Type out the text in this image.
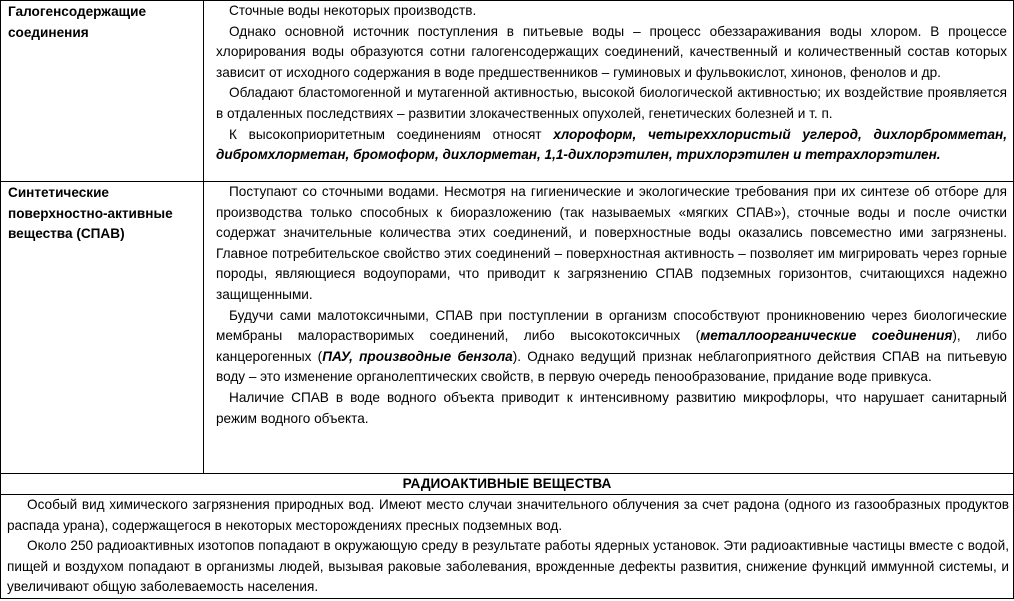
Галогенсодержащие соединения	Сточные воды некоторых производств.

Однако основной источник поступления в питьевые воды – процесс обеззараживания воды хлором. В процессе хлорирования воды образуются сотни галогенсодержащих соединений, качественный и количественный состав которых зависит от исходного содержания в воде предшественников – гуминовых и фульвокислот, хинонов, фенолов и др.

Обладают бластомогенной и мутагенной активностью, высокой биологической активностью; их воздействие проявляется в отдаленных последствиях – развитии злокачественных опухолей, генетических болезней и т. п.

К высокоприоритетным соединениям относят хлороформ, четыреххлористый углерод, дихлорбромметан, дибромхлорметан, бромоформ, дихлорметан, 1,1-дихлорэтилен, трихлорэтилен и тетрахлорэтилен.

Синтетические поверхностно-активные вещества (СПАВ)	Поступают со сточными водами. Несмотря на гигиенические и экологические требования при их синтезе об отборе для производства только способных к биоразложению (так называемых «мягких СПАВ»), сточные воды и после очистки содержат значительные количества этих соединений, и поверхностные воды оказались повсеместно ими загрязнены. Главное потребительское свойство этих соединений – поверхностная активность – позволяет им мигрировать через горные породы, являющиеся водоупорами, что приводит к загрязнению СПАВ подземных горизонтов, считающихся надежно защищенными.

Будучи сами малотоксичными, СПАВ при поступлении в организм способствуют проникновению через биологические мембраны малорастворимых соединений, либо высокотоксичных (металлоорганические соединения), либо канцерогенных (ПАУ, производные бензола). Однако ведущий признак неблагоприятного действия СПАВ на питьевую воду – это изменение органолептических свойств, в первую очередь пенообразование, придание воде привкуса.

Наличие СПАВ в воде водного объекта приводит к интенсивному развитию микрофлоры, что нарушает санитарный режим водного объекта.

РАДИОАКТИВНЫЕ ВЕЩЕСТВА	

Особый вид химического загрязнения природных вод. Имеют место случаи значительного облучения за счет радона (одного из газообразных продуктов распада урана), содержащегося в некоторых месторождениях пресных подземных вод.

Около 250 радиоактивных изотопов попадают в окружающую среду в результате работы ядерных установок. Эти радиоактивные частицы вместе с водой, пищей и воздухом попадают в организмы людей, вызывая раковые заболевания, врожденные дефекты развития, снижение функций иммунной системы, и увеличивают общую заболеваемость населения.	
